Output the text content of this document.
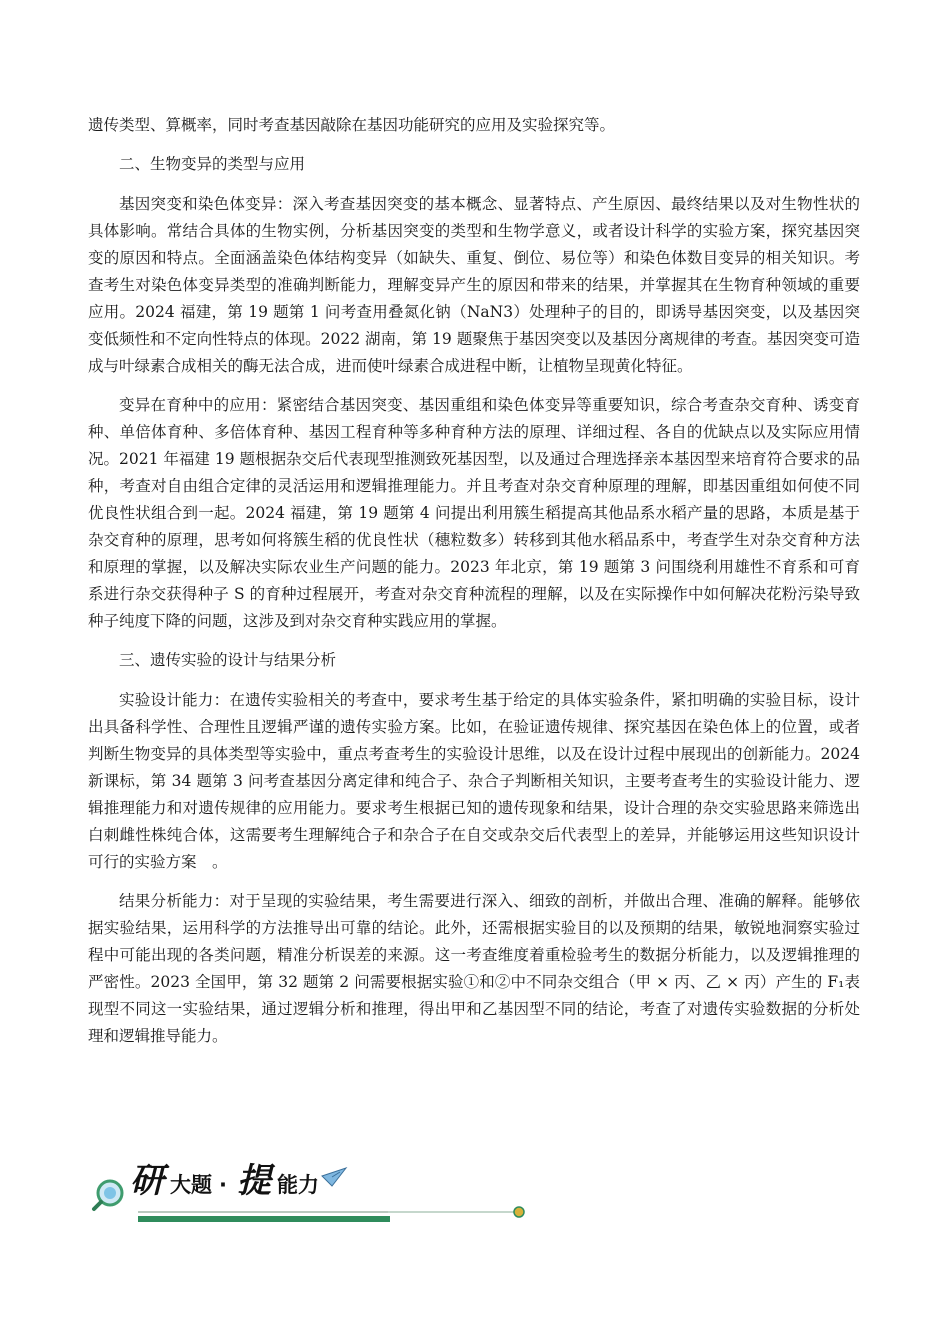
遗传类型、算概率，同时考查基因敲除在基因功能研究的应用及实验探究等。

二、生物变异的类型与应用

基因突变和染色体变异：深入考查基因突变的基本概念、显著特点、产生原因、最终结果以及对生物性状的具体影响。常结合具体的生物实例，分析基因突变的类型和生物学意义，或者设计科学的实验方案，探究基因突变的原因和特点。全面涵盖染色体结构变异（如缺失、重复、倒位、易位等）和染色体数目变异的相关知识。考查考生对染色体变异类型的准确判断能力，理解变异产生的原因和带来的结果，并掌握其在生物育种领域的重要应用。2024 福建，第 19 题第 1 问考查用叠氮化钠（NaN3）处理种子的目的，即诱导基因突变，以及基因突变低频性和不定向性特点的体现。2022 湖南，第 19 题聚焦于基因突变以及基因分离规律的考查。基因突变可造成与叶绿素合成相关的酶无法合成，进而使叶绿素合成进程中断，让植物呈现黄化特征。

变异在育种中的应用：紧密结合基因突变、基因重组和染色体变异等重要知识，综合考查杂交育种、诱变育种、单倍体育种、多倍体育种、基因工程育种等多种育种方法的原理、详细过程、各自的优缺点以及实际应用情况。2021 年福建 19 题根据杂交后代表现型推测致死基因型，以及通过合理选择亲本基因型来培育符合要求的品种，考查对自由组合定律的灵活运用和逻辑推理能力。并且考查对杂交育种原理的理解，即基因重组如何使不同优良性状组合到一起。2024 福建，第 19 题第 4 问提出利用簇生稻提高其他品系水稻产量的思路，本质是基于杂交育种的原理，思考如何将簇生稻的优良性状（穗粒数多）转移到其他水稻品系中，考查学生对杂交育种方法和原理的掌握，以及解决实际农业生产问题的能力。2023 年北京，第 19 题第 3 问围绕利用雄性不育系和可育系进行杂交获得种子 S 的育种过程展开，考查对杂交育种流程的理解，以及在实际操作中如何解决花粉污染导致种子纯度下降的问题，这涉及到对杂交育种实践应用的掌握。

三、遗传实验的设计与结果分析

实验设计能力：在遗传实验相关的考查中，要求考生基于给定的具体实验条件，紧扣明确的实验目标，设计出具备科学性、合理性且逻辑严谨的遗传实验方案。比如，在验证遗传规律、探究基因在染色体上的位置，或者判断生物变异的具体类型等实验中，重点考查考生的实验设计思维，以及在设计过程中展现出的创新能力。2024 新课标，第 34 题第 3 问考查基因分离定律和纯合子、杂合子判断相关知识，主要考查考生的实验设计能力、逻辑推理能力和对遗传规律的应用能力。要求考生根据已知的遗传现象和结果，设计合理的杂交实验思路来筛选出白刺雌性株纯合体，这需要考生理解纯合子和杂合子在自交或杂交后代表型上的差异，并能够运用这些知识设计可行的实验方案　。

结果分析能力：对于呈现的实验结果，考生需要进行深入、细致的剖析，并做出合理、准确的解释。能够依据实验结果，运用科学的方法推导出可靠的结论。此外，还需根据实验目的以及预期的结果，敏锐地洞察实验过程中可能出现的各类问题，精准分析误差的来源。这一考查维度着重检验考生的数据分析能力，以及逻辑推理的严密性。2023 全国甲，第 32 题第 2 问需要根据实验①和②中不同杂交组合（甲 × 丙、乙 × 丙）产生的 F₁表现型不同这一实验结果，通过逻辑分析和推理，得出甲和乙基因型不同的结论，考查了对遗传实验数据的分析处理和逻辑推导能力。

研 大题 · 提 能力
